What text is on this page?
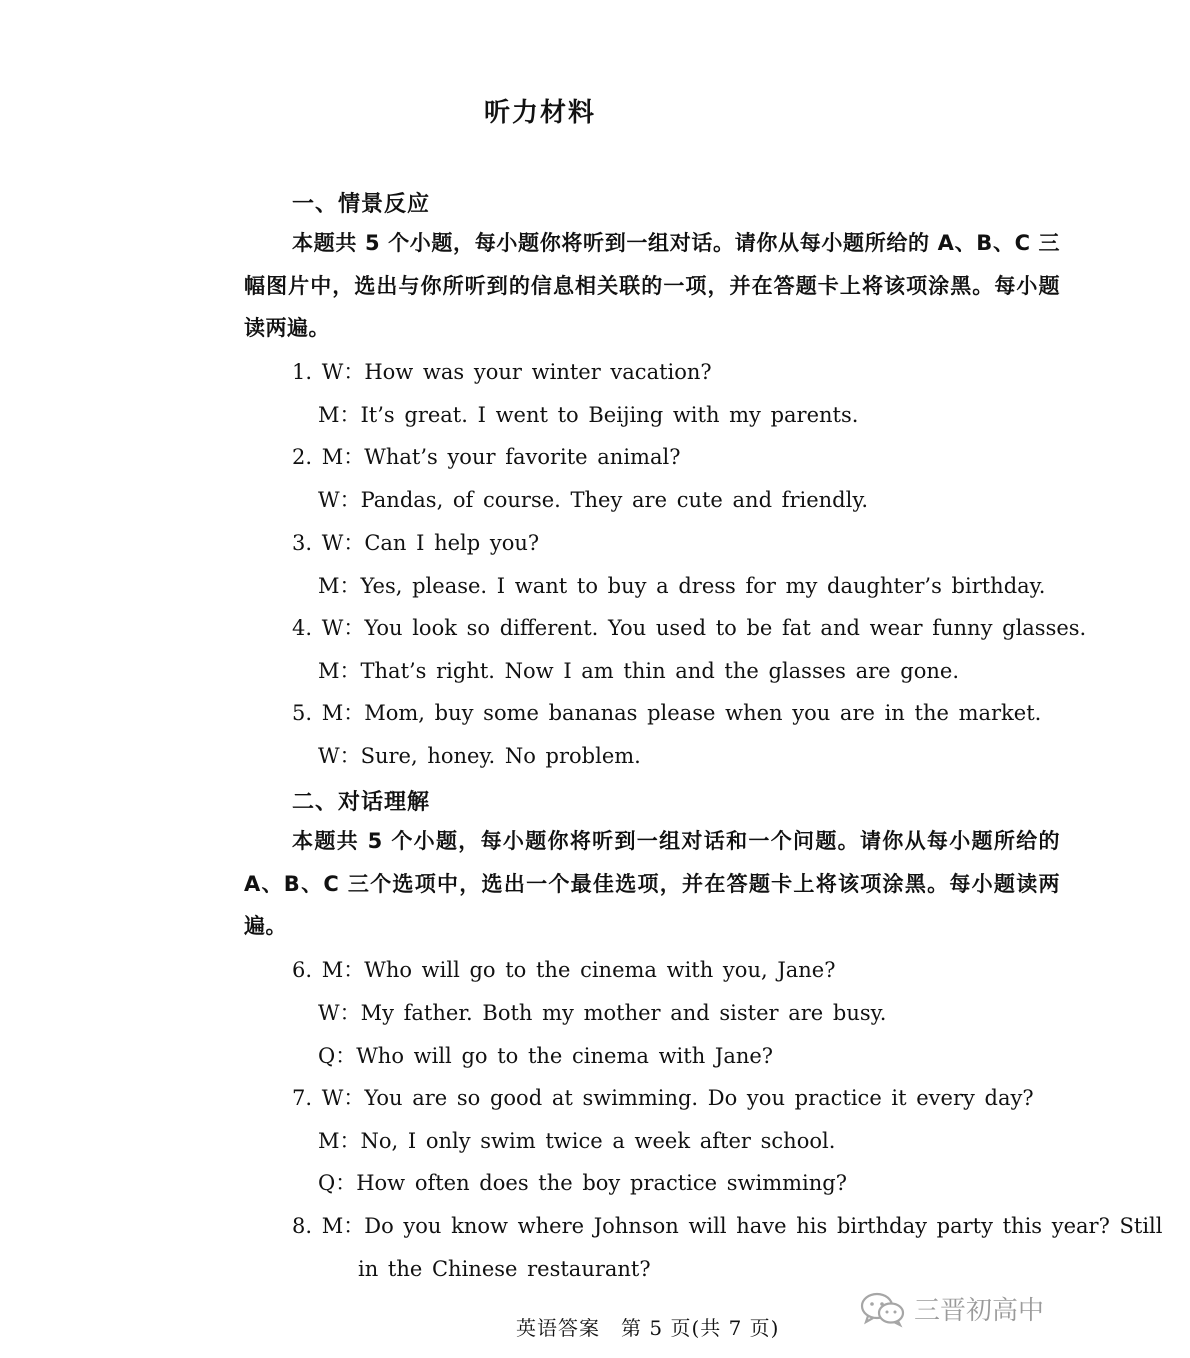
听力材料
一、情景反应
本题共 5 个小题，每小题你将听到一组对话。请你从每小题所给的 A、B、C 三幅图片中，选出与你所听到的信息相关联的一项，并在答题卡上将该项涂黑。每小题读两遍。
1. W：How was your winter vacation?
M：It’s great. I went to Beijing with my parents.
2. M：What’s your favorite animal?
W：Pandas, of course. They are cute and friendly.
3. W：Can I help you?
M：Yes, please. I want to buy a dress for my daughter’s birthday.
4. W：You look so different. You used to be fat and wear funny glasses.
M：That’s right. Now I am thin and the glasses are gone.
5. M：Mom, buy some bananas please when you are in the market.
W：Sure, honey. No problem.
二、对话理解
本题共 5 个小题，每小题你将听到一组对话和一个问题。请你从每小题所给的 A、B、C 三个选项中，选出一个最佳选项，并在答题卡上将该项涂黑。每小题读两遍。
6. M：Who will go to the cinema with you, Jane?
W：My father. Both my mother and sister are busy.
Q：Who will go to the cinema with Jane?
7. W：You are so good at swimming. Do you practice it every day?
M：No, I only swim twice a week after school.
Q：How often does the boy practice swimming?
8. M：Do you know where Johnson will have his birthday party this year? Still
in the Chinese restaurant?
英语答案　第 5 页(共 7 页)
三晋初高中
